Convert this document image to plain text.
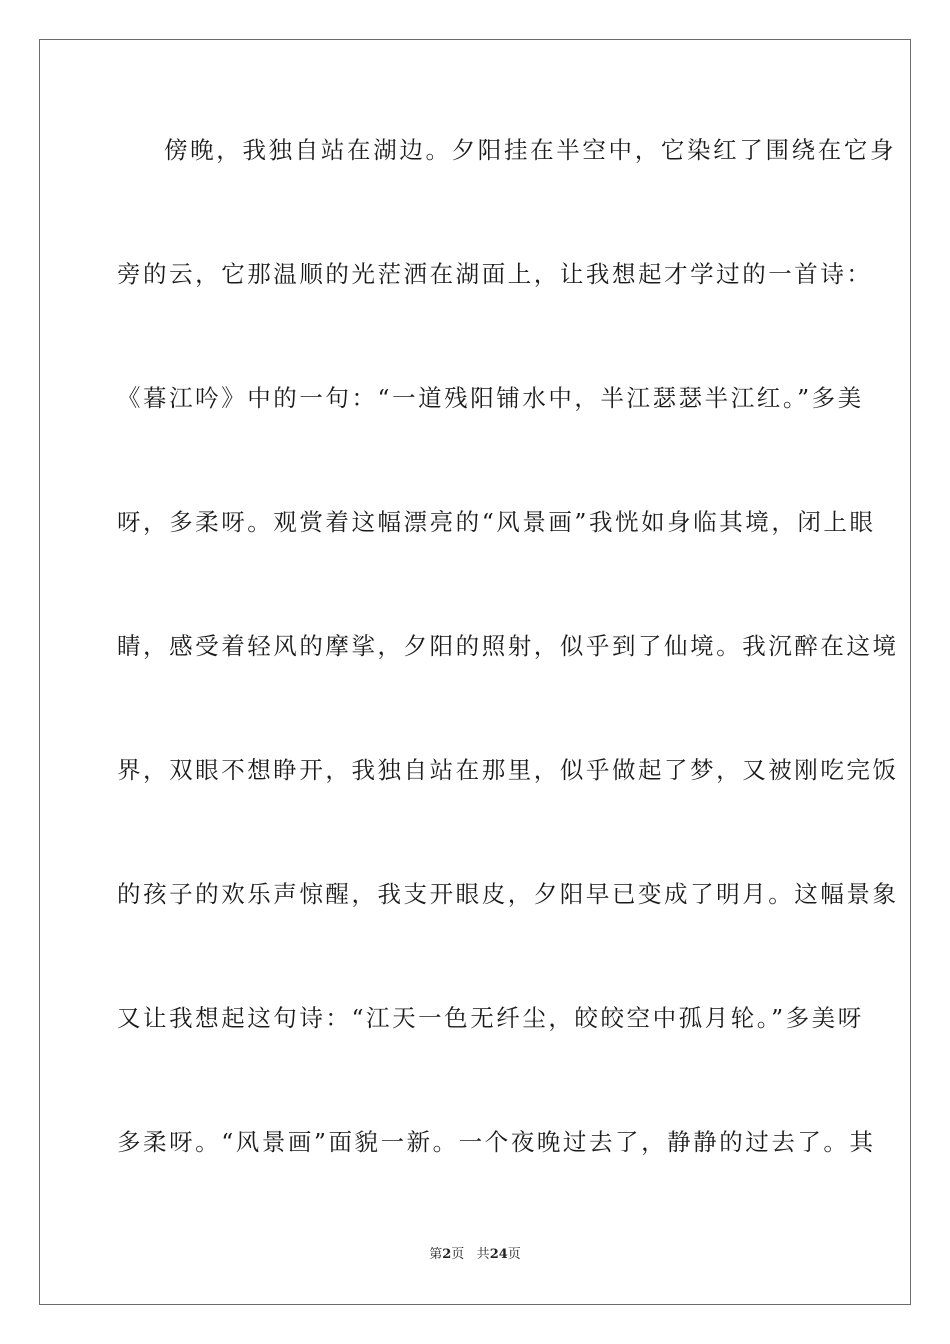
傍晚，我独自站在湖边。夕阳挂在半空中，它染红了围绕在它身
旁的云，它那温顺的光茫洒在湖面上，让我想起才学过的一首诗：
《暮江吟》中的一句：“一道残阳铺水中，半江瑟瑟半江红。”多美
呀，多柔呀。观赏着这幅漂亮的“风景画”我恍如身临其境，闭上眼
睛，感受着轻风的摩挲，夕阳的照射，似乎到了仙境。我沉醉在这境
界，双眼不想睁开，我独自站在那里，似乎做起了梦，又被刚吃完饭
的孩子的欢乐声惊醒，我支开眼皮，夕阳早已变成了明月。这幅景象
又让我想起这句诗：“江天一色无纤尘，皎皎空中孤月轮。”多美呀
多柔呀。“风景画”面貌一新。一个夜晚过去了，静静的过去了。其
第2页 共24页
